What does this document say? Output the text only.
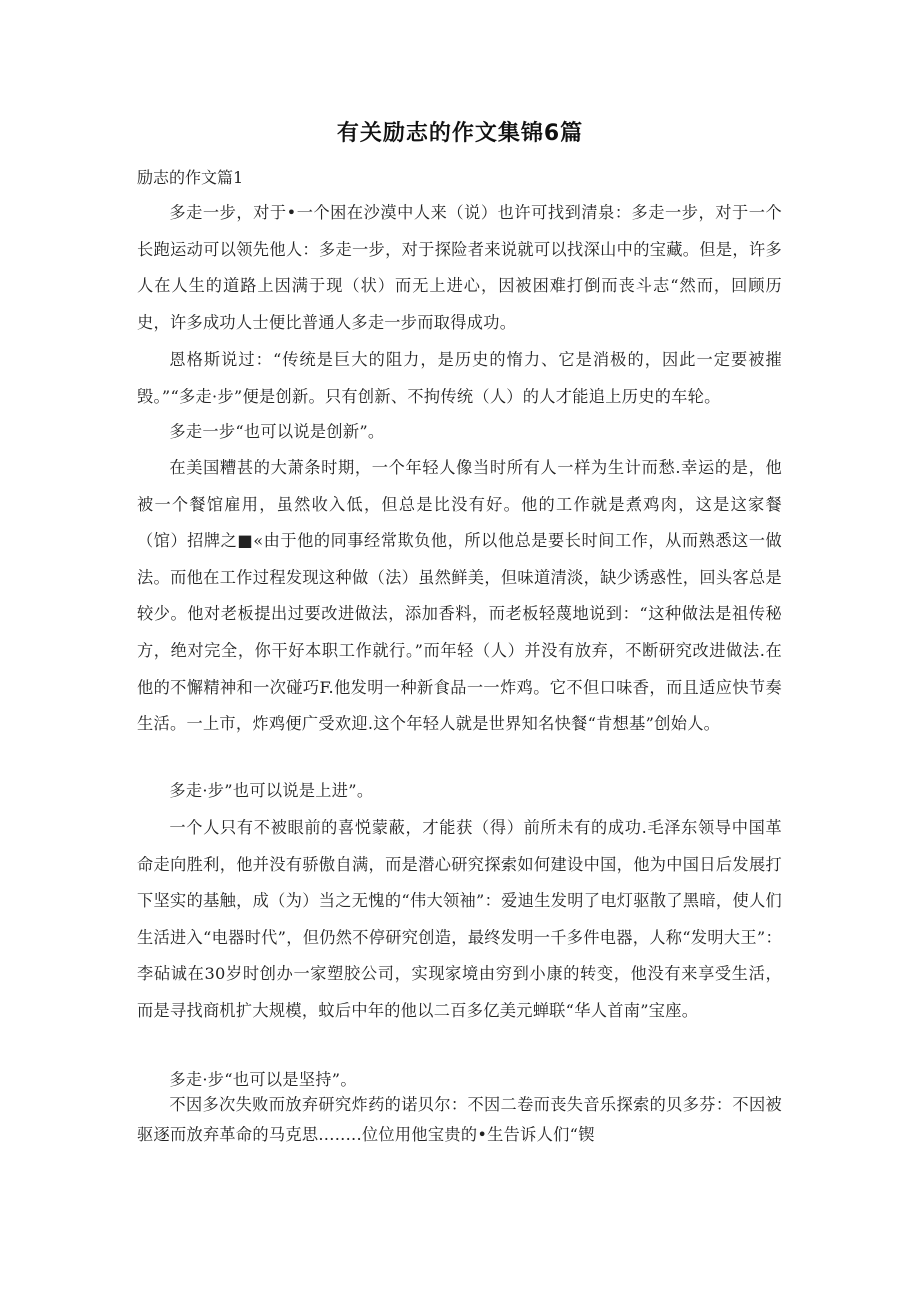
有关励志的作文集锦6篇
励志的作文篇1

多走一步，对于•一个困在沙漠中人来（说）也许可找到清泉：多走一步，对于一个长跑运动可以领先他人：多走一步，对于探险者来说就可以找深山中的宝藏。但是，许多人在人生的道路上因满于现（状）而无上进心，因被困难打倒而丧斗志“然而，回顾历史，许多成功人士便比普通人多走一步而取得成功。

恩格斯说过：“传统是巨大的阻力，是历史的惰力、它是消极的，因此一定要被摧毁。”“多走·步”便是创新。只有创新、不拘传统（人）的人才能追上历史的车轮。

多走一步“也可以说是创新”。

在美国糟甚的大萧条时期，一个年轻人像当时所有人一样为生计而愁.幸运的是，他被一个餐馆雇用，虽然收入低，但总是比没有好。他的工作就是煮鸡肉，这是这家餐（馆）招牌之■«由于他的同事经常欺负他，所以他总是要长时间工作，从而熟悉这一做法。而他在工作过程发现这种做（法）虽然鲜美，但味道清淡，缺少诱惑性，回头客总是较少。他对老板提出过要改进做法，添加香料，而老板轻蔑地说到：“这种做法是祖传秘方，绝对完全，你干好本职工作就行。”而年轻（人）并没有放弃，不断研究改进做法.在他的不懈精神和一次碰巧F.他发明一种新食品一一炸鸡。它不但口味香，而且适应快节奏生活。一上市，炸鸡便广受欢迎.这个年轻人就是世界知名快餐“肯想基”创始人。

多走·步”也可以说是上进”。

一个人只有不被眼前的喜悦蒙蔽，才能获（得）前所未有的成功.毛泽东领导中国革命走向胜利，他并没有骄傲自满，而是潜心研究探索如何建设中国，他为中国日后发展打下坚实的基触，成（为）当之无愧的“伟大领袖”：爱迪生发明了电灯驱散了黑暗，使人们生活进入“电器时代”，但仍然不停研究创造，最终发明一千多件电器，人称“发明大王”：李砧诚在30岁时创办一家塑胶公司，实现家境由穷到小康的转变，他没有来享受生活，而是寻找商机扩大规模，蚊后中年的他以二百多亿美元蝉联“华人首南”宝座。

多走·步“也可以是坚持”。

不因多次失败而放弃研究炸药的诺贝尔：不因二卷而丧失音乐探索的贝多芬：不因被驱逐而放弃革命的马克思........位位用他宝贵的•生告诉人们“锲
